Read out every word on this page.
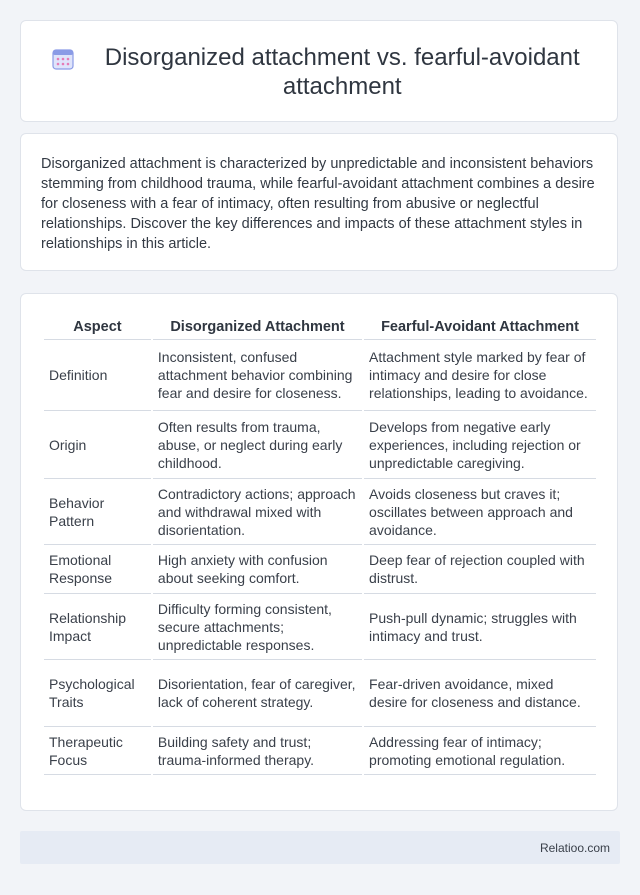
Disorganized attachment vs. fearful-avoidant attachment

Disorganized attachment is characterized by unpredictable and inconsistent behaviors stemming from childhood trauma, while fearful-avoidant attachment combines a desire for closeness with a fear of intimacy, often resulting from abusive or neglectful relationships. Discover the key differences and impacts of these attachment styles in relationships in this article.

Aspect	Disorganized Attachment	Fearful-Avoidant Attachment
Definition	Inconsistent, confused attachment behavior combining fear and desire for closeness.	Attachment style marked by fear of intimacy and desire for close relationships, leading to avoidance.
Origin	Often results from trauma, abuse, or neglect during early childhood.	Develops from negative early experiences, including rejection or unpredictable caregiving.
Behavior Pattern	Contradictory actions; approach and withdrawal mixed with disorientation.	Avoids closeness but craves it; oscillates between approach and avoidance.
Emotional Response	High anxiety with confusion about seeking comfort.	Deep fear of rejection coupled with distrust.
Relationship Impact	Difficulty forming consistent, secure attachments; unpredictable responses.	Push-pull dynamic; struggles with intimacy and trust.
Psychological Traits	Disorientation, fear of caregiver, lack of coherent strategy.	Fear-driven avoidance, mixed desire for closeness and distance.
Therapeutic Focus	Building safety and trust; trauma-informed therapy.	Addressing fear of intimacy; promoting emotional regulation.
Relatioo.com
